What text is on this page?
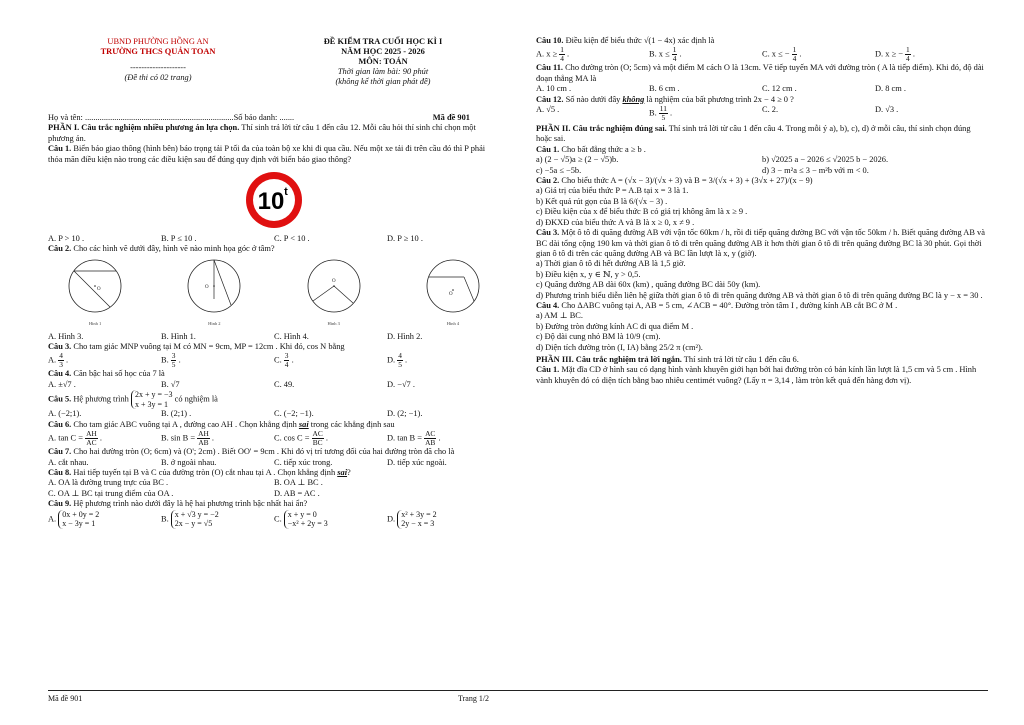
UBND PHƯỜNG HỒNG AN

TRƯỜNG THCS QUẢN TOAN

--------------------

(Đề thi có 02 trang)

ĐỀ KIỂM TRA CUỐI HỌC KÌ I

NĂM HỌC 2025 - 2026

MÔN: TOÁN

Thời gian làm bài: 90 phút

(không kể thời gian phát đề)

Họ và tên: .......................................................................Số báo danh: .......	Mã đề 901

PHẦN I. Câu trắc nghiệm nhiều phương án lựa chọn. Thí sinh trả lời từ câu 1 đến câu 12. Mỗi câu hỏi thí sinh chỉ chọn một phương án.

Câu 1. Biển báo giao thông (hình bên) báo trọng tải P tối đa của toàn bộ xe khi đi qua cầu. Nếu một xe tải đi trên cầu đó thì P phải thỏa mãn điều kiện nào trong các điều kiện sau để đúng quy định với biển báo giao thông?

10 t
A. P > 10 .	B. P ≤ 10 .	C. P < 10 .	D. P ≥ 10 .

Câu 2. Cho các hình vẽ dưới đây, hình vẽ nào minh họa góc ở tâm?

O
Hình 1
O
Hình 2
O
Hình 3
O
Hình 4
A. Hình 3.	B. Hình 1.	C. Hình 4.	D. Hình 2.

Câu 3. Cho tam giác MNP vuông tại M có MN = 9cm, MP = 12cm . Khi đó, cos N bằng

A. $\frac{4}{3}$ .	B. $\frac{3}{5}$ .	C. $\frac{3}{4}$ .	D. $\frac{4}{5}$ .

Câu 4. Căn bậc hai số học của 7 là

A. ±√7 .	B. √7	C. 49.	D. −√7 .

Câu 5. Hệ phương trình 2x + y = −3
x + 3y = 1 có nghiệm là

A. (−2;1).	B. (2;1) .	C. (−2; −1).	D. (2; −1).

Câu 6. Cho tam giác ABC vuông tại A , đường cao AH . Chọn khẳng định sai trong các khẳng định sau

A. $\tan C = \frac{AH}{AC}$ .	B. $\sin B = \frac{AH}{AB}$ .	C. $\cos C = \frac{AC}{BC}$ .	D. $\tan B = \frac{AC}{AB}$ .

Câu 7. Cho hai đường tròn (O; 6cm) và (O'; 2cm) . Biết OO' = 9cm . Khi đó vị trí tương đối của hai đường tròn đã cho là

A. cắt nhau.	B. ở ngoài nhau.	C. tiếp xúc trong.	D. tiếp xúc ngoài.

Câu 8. Hai tiếp tuyến tại B và C của đường tròn (O) cắt nhau tại A . Chọn khẳng định sai?

A. OA là đường trung trực của BC .	B. OA ⊥ BC .
C. OA ⊥ BC tại trung điểm của OA .	D. AB = AC .

Câu 9. Hệ phương trình nào dưới đây là hệ hai phương trình bậc nhất hai ẩn?

A. 0x + 0y = 2
x − 3y = 1
B. x + √3 y = −2
2x − y = √5
C. x + y = 0
−x² + 2y = 3
D. x² + 3y = 2
2y − x = 3

Câu 10. Điều kiện để biểu thức √(1 − 4x) xác định là

A. $x \ge \frac{1}{4}$ .	B. $x \le \frac{1}{4}$ .	C. x ≤ − $\frac{1}{4}$ .	D. x ≥ − $\frac{1}{4}$ .

Câu 11. Cho đường tròn (O; 5cm) và một điểm M cách O là 13cm. Vẽ tiếp tuyến MA với đường tròn ( A là tiếp điểm). Khi đó, độ dài đoạn thẳng MA là

A. 10 cm .	B. 6 cm .	C. 12 cm .	D. 8 cm .

Câu 12. Số nào dưới đây không là nghiệm của bất phương trình 2x − 4 ≥ 0 ?

A. √5 .	B. $\frac{11}{5}$ .	C. 2.	D. √3 .

PHẦN II. Câu trắc nghiệm đúng sai. Thí sinh trả lời từ câu 1 đến câu 4. Trong mỗi ý a), b), c), d) ở mỗi câu, thí sinh chọn đúng hoặc sai.

Câu 1. Cho bất đẳng thức a ≥ b .

a) (2 − √5)a ≥ (2 − √5)b.	b) √2025 a − 2026 ≤ √2025 b − 2026.
c) −5a ≤ −5b.	d) 3 − m²a ≤ 3 − m²b với m < 0.

Câu 2. Cho biểu thức A = (√x − 3)/(√x + 3) và B = 3/(√x + 3) + (3√x + 27)/(x − 9)

a) Giá trị của biểu thức P = A.B tại x = 3 là 1.

b) Kết quả rút gọn của B là 6/(√x − 3) .

c) Điều kiện của x để biểu thức B có giá trị không âm là x ≥ 9 .

d) ĐKXĐ của biểu thức A và B là x ≥ 0, x ≠ 9 .

Câu 3. Một ô tô đi quãng đường AB với vận tốc 60km / h, rồi đi tiếp quãng đường BC với vận tốc 50km / h. Biết quãng đường AB và BC dài tổng cộng 190 km và thời gian ô tô đi trên quãng đường AB ít hơn thời gian ô tô đi trên quãng đường BC là 30 phút. Gọi thời gian ô tô đi trên các quãng đường AB và BC lần lượt là x, y (giờ).

a) Thời gian ô tô đi hết đường AB là 1,5 giờ.

b) Điều kiện x, y ∈ ℕ, y > 0,5.

c) Quãng đường AB dài 60x (km) , quãng đường BC dài 50y (km).

d) Phương trình biểu diễn liên hệ giữa thời gian ô tô đi trên quãng đường AB và thời gian ô tô đi trên quãng đường BC là y − x = 30 .

Câu 4. Cho ΔABC vuông tại A, AB = 5 cm, ∠ACB = 40°. Đường tròn tâm I , đường kính AB cắt BC ở M .

a) AM ⊥ BC.

b) Đường tròn đường kính AC đi qua điểm M .

c) Độ dài cung nhỏ BM là 10/9 (cm).

d) Diện tích đường tròn (I, IA) bằng 25/2 π (cm²).

PHẦN III. Câu trắc nghiệm trả lời ngắn. Thí sinh trả lời từ câu 1 đến câu 6.

Câu 1. Mặt đĩa CD ở hình sau có dạng hình vành khuyên giới hạn bởi hai đường tròn có bán kính lần lượt là 1,5 cm và 5 cm . Hình vành khuyên đó có diện tích bằng bao nhiêu centimét vuông? (Lấy π = 3,14 , làm tròn kết quả đến hàng đơn vị).

Mã đề 901	Trang 1/2
